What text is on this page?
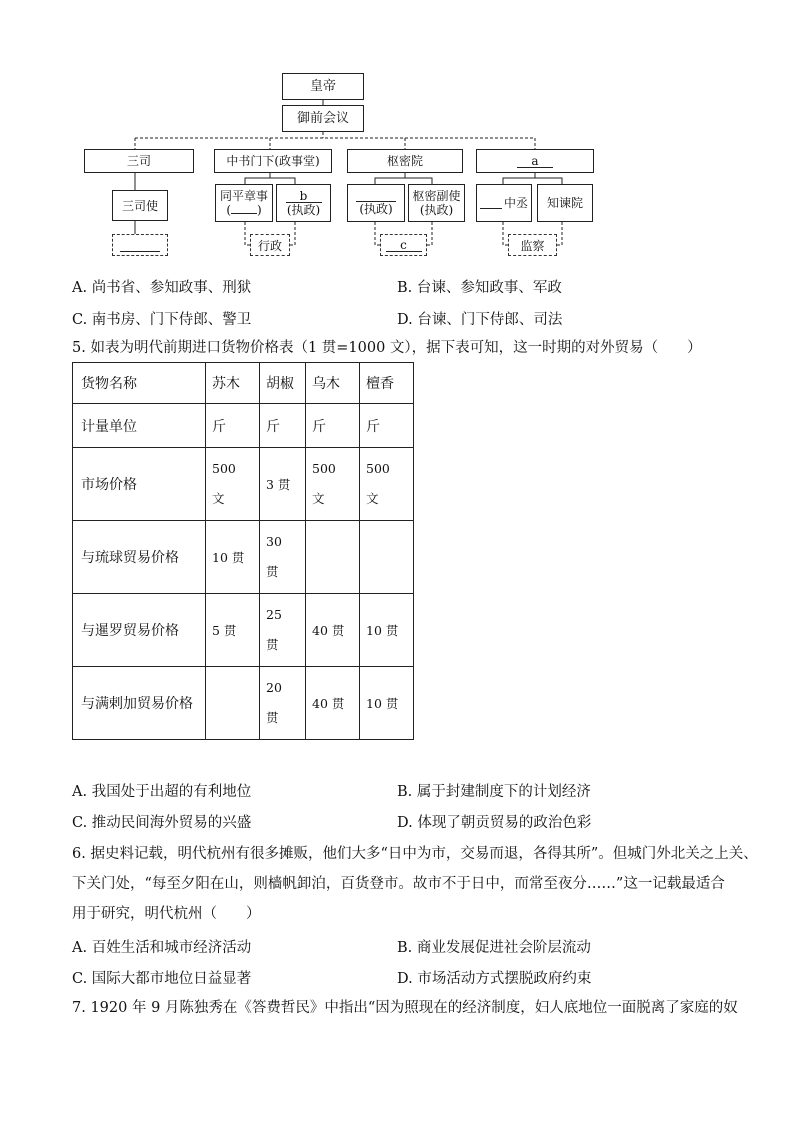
皇帝
御前会议
三司	中书门下(政事堂)	枢密院	a
三司使
同平章事
( )
b
(执政)	(执政)
枢密副使
(执政)	中丞	知谏院
行政	c	监察
A. 尚书省、参知政事、刑狱	B. 台谏、参知政事、军政
C. 南书房、门下侍郎、警卫	D. 台谏、门下侍郎、司法
5. 如表为明代前期进口货物价格表（1 贯=1000 文），据下表可知，这一时期的对外贸易（　　）
货物名称	苏木	胡椒	乌木	檀香
计量单位	斤	斤	斤	斤
市场价格	500 文	3 贯	500 文	500 文

与琉球贸易价格	10 贯	30 贯		

与暹罗贸易价格	5 贯	25 贯	40 贯	10 贯
与满剌加贸易价格		20 贯	40 贯	10 贯
A. 我国处于出超的有利地位	B. 属于封建制度下的计划经济
C. 推动民间海外贸易的兴盛	D. 体现了朝贡贸易的政治色彩
6. 据史料记载，明代杭州有很多摊贩，他们大多“日中为市，交易而退，各得其所”。但城门外北关之上关、
下关门处，“每至夕阳在山，则樯帆卸泊，百货登市。故市不于日中，而常至夜分……”这一记载最适合
用于研究，明代杭州（　　）
A. 百姓生活和城市经济活动	B. 商业发展促进社会阶层流动
C. 国际大都市地位日益显著	D. 市场活动方式摆脱政府约束
7. 1920 年 9 月陈独秀在《答费哲民》中指出“因为照现在的经济制度，妇人底地位一面脱离了家庭的奴
